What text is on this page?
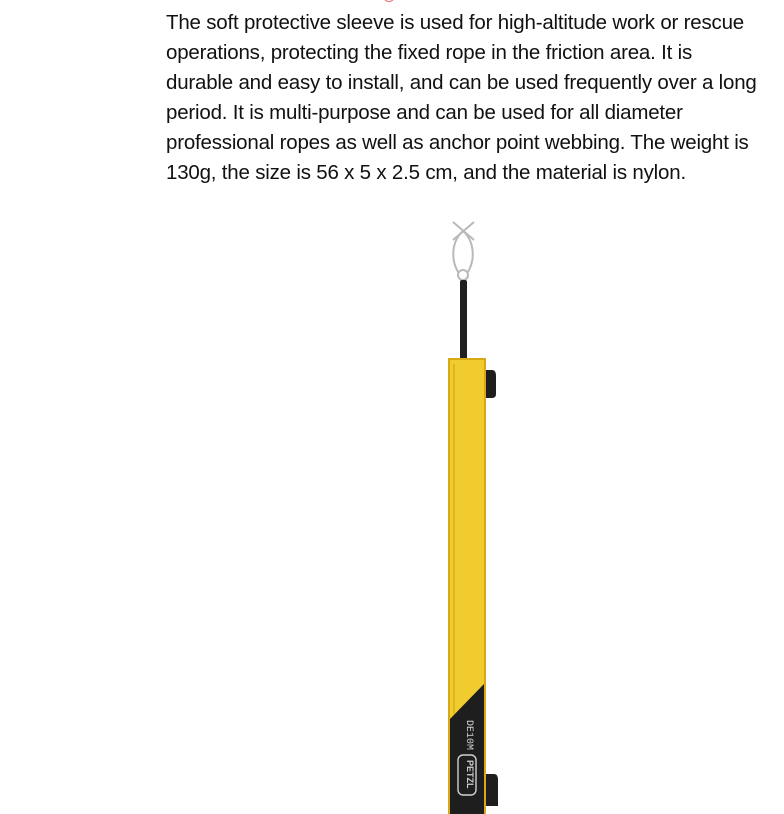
The soft protective sleeve is used for high-altitude work or rescue
operations, protecting the fixed rope in the friction area. It is
durable and easy to install, and can be used frequently over a long
period. It is multi-purpose and can be used for all diameter
professional ropes as well as anchor point webbing. The weight is
130g, the size is 56 x 5 x 2.5 cm, and the material is nylon.

DE10M
PETZL
